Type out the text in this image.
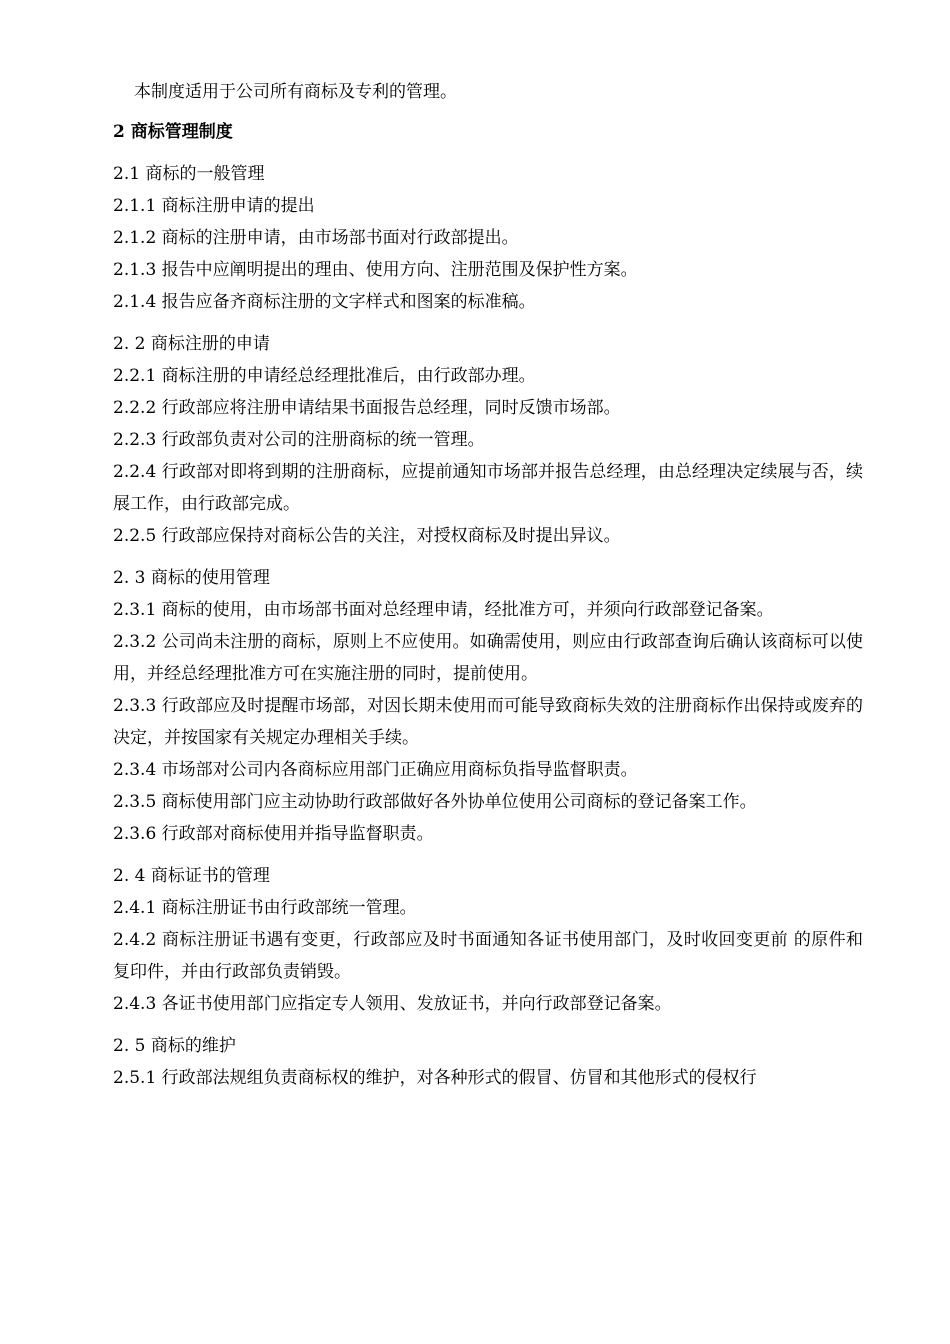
本制度适用于公司所有商标及专利的管理。
2 商标管理制度
2.1 商标的一般管理
2.1.1 商标注册申请的提出
2.1.2 商标的注册申请，由市场部书面对行政部提出。
2.1.3 报告中应阐明提出的理由、使用方向、注册范围及保护性方案。
2.1.4 报告应备齐商标注册的文字样式和图案的标准稿。
2. 2 商标注册的申请
2.2.1 商标注册的申请经总经理批准后，由行政部办理。
2.2.2 行政部应将注册申请结果书面报告总经理，同时反馈市场部。
2.2.3 行政部负责对公司的注册商标的统一管理。
2.2.4 行政部对即将到期的注册商标，应提前通知市场部并报告总经理，由总经理决定续展与否，续展工作，由行政部完成。
2.2.5 行政部应保持对商标公告的关注，对授权商标及时提出异议。
2. 3 商标的使用管理
2.3.1 商标的使用，由市场部书面对总经理申请，经批准方可，并须向行政部登记备案。
2.3.2 公司尚未注册的商标，原则上不应使用。如确需使用，则应由行政部查询后确认该商标可以使用，并经总经理批准方可在实施注册的同时，提前使用。
2.3.3 行政部应及时提醒市场部，对因长期未使用而可能导致商标失效的注册商标作出保持或废弃的决定，并按国家有关规定办理相关手续。
2.3.4 市场部对公司内各商标应用部门正确应用商标负指导监督职责。
2.3.5 商标使用部门应主动协助行政部做好各外协单位使用公司商标的登记备案工作。
2.3.6 行政部对商标使用并指导监督职责。
2. 4 商标证书的管理
2.4.1 商标注册证书由行政部统一管理。
2.4.2 商标注册证书遇有变更，行政部应及时书面通知各证书使用部门，及时收回变更前 的原件和复印件，并由行政部负责销毁。
2.4.3 各证书使用部门应指定专人领用、发放证书，并向行政部登记备案。
2. 5 商标的维护
2.5.1 行政部法规组负责商标权的维护，对各种形式的假冒、仿冒和其他形式的侵权行
